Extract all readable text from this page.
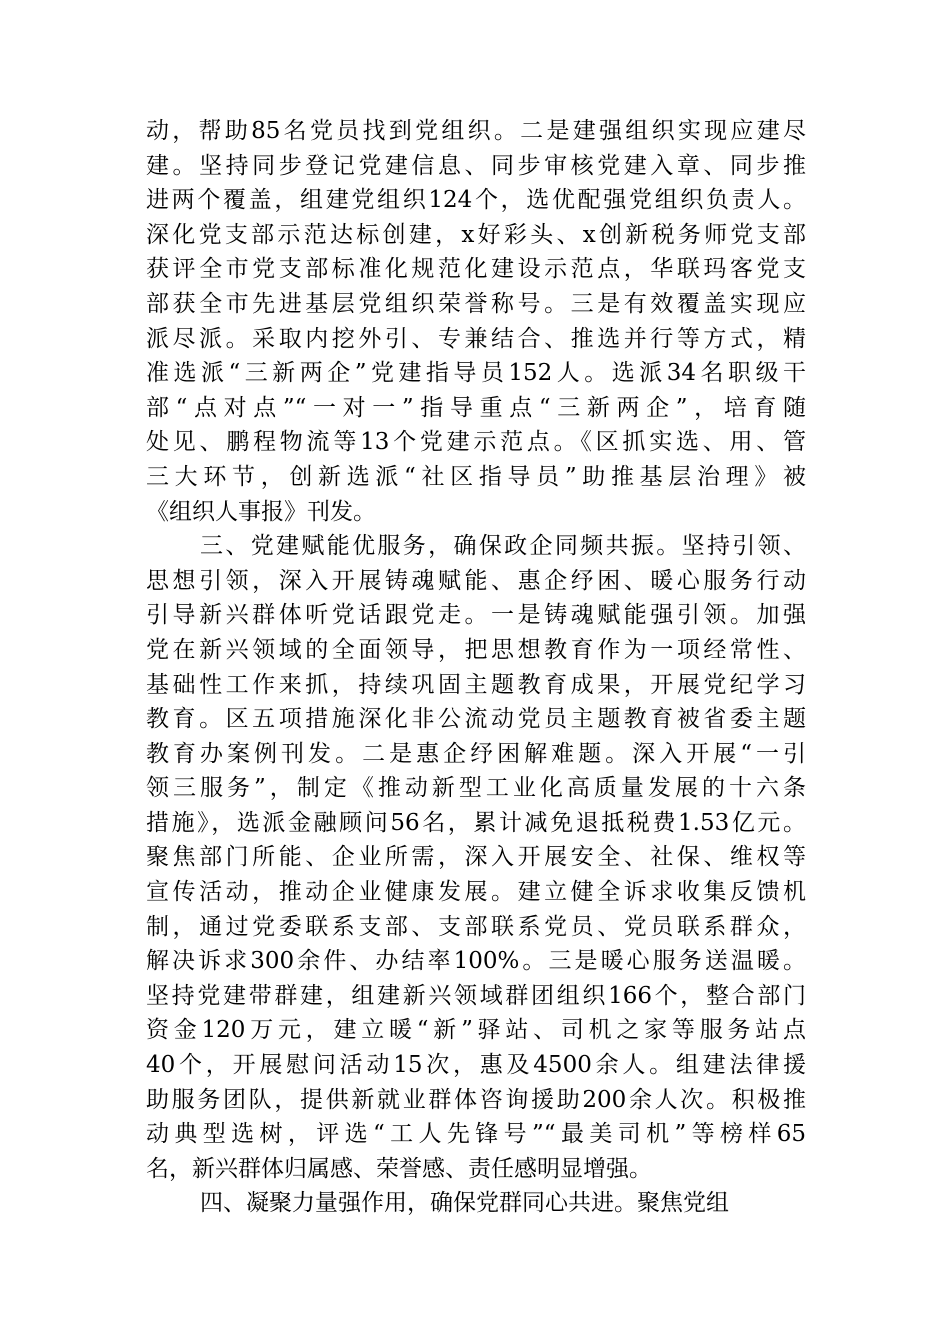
动，帮助85名党员找到党组织。二是建强组织实现应建尽
建。坚持同步登记党建信息、同步审核党建入章、同步推
进两个覆盖，组建党组织124个，选优配强党组织负责人。
深化党支部示范达标创建，x好彩头、x创新税务师党支部
获评全市党支部标准化规范化建设示范点，华联玛客党支
部获全市先进基层党组织荣誉称号。三是有效覆盖实现应
派尽派。采取内挖外引、专兼结合、推选并行等方式，精
准选派“三新两企”党建指导员152人。选派34名职级干
部“点对点”“一对一”指导重点“三新两企”，培育随
处见、鹏程物流等13个党建示范点。《区抓实选、用、管
三大环节，创新选派“社区指导员”助推基层治理》被
《组织人事报》刊发。
三、党建赋能优服务，确保政企同频共振。坚持引领、
思想引领，深入开展铸魂赋能、惠企纾困、暖心服务行动
引导新兴群体听党话跟党走。一是铸魂赋能强引领。加强
党在新兴领域的全面领导，把思想教育作为一项经常性、
基础性工作来抓，持续巩固主题教育成果，开展党纪学习
教育。区五项措施深化非公流动党员主题教育被省委主题
教育办案例刊发。二是惠企纾困解难题。深入开展“一引
领三服务”，制定《推动新型工业化高质量发展的十六条
措施》，选派金融顾问56名，累计减免退抵税费1.53亿元。
聚焦部门所能、企业所需，深入开展安全、社保、维权等
宣传活动，推动企业健康发展。建立健全诉求收集反馈机
制，通过党委联系支部、支部联系党员、党员联系群众，
解决诉求300余件、办结率100%。三是暖心服务送温暖。
坚持党建带群建，组建新兴领域群团组织166个，整合部门
资金120万元，建立暖“新”驿站、司机之家等服务站点
40个，开展慰问活动15次，惠及4500余人。组建法律援
助服务团队，提供新就业群体咨询援助200余人次。积极推
动典型选树，评选“工人先锋号”“最美司机”等榜样65
名，新兴群体归属感、荣誉感、责任感明显增强。
四、凝聚力量强作用，确保党群同心共进。聚焦党组
